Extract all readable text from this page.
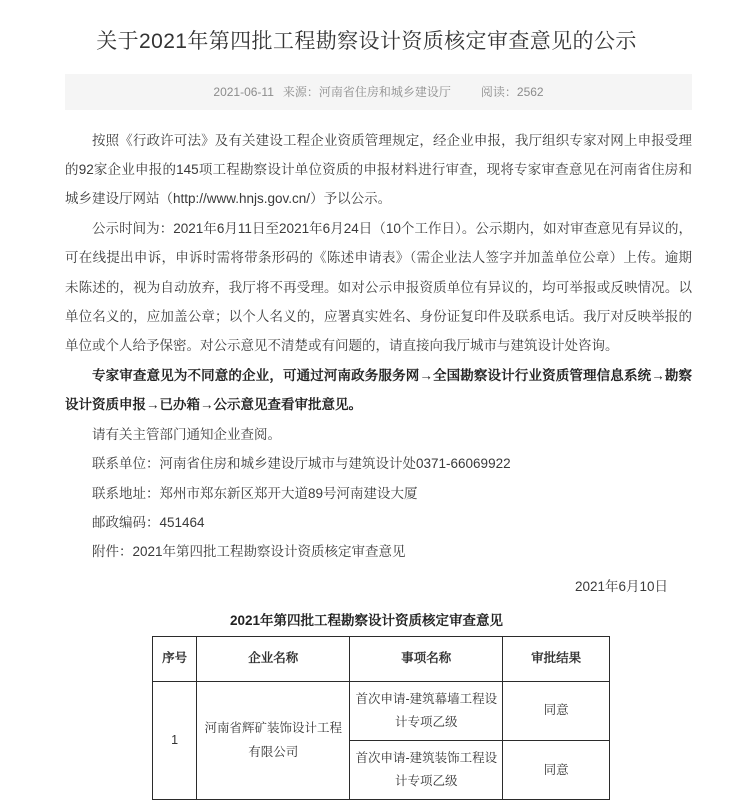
关于2021年第四批工程勘察设计资质核定审查意见的公示
2021-06-11 来源：河南省住房和城乡建设厅	阅读：2562

按照《行政许可法》及有关建设工程企业资质管理规定，经企业申报，我厅组织专家对网上申报受理的92家企业申报的145项工程勘察设计单位资质的申报材料进行审查，现将专家审查意见在河南省住房和城乡建设厅网站（http://www.hnjs.gov.cn/）予以公示。

公示时间为：2021年6月11日至2021年6月24日（10个工作日）。公示期内，如对审查意见有异议的，可在线提出申诉，申诉时需将带条形码的《陈述申请表》（需企业法人签字并加盖单位公章）上传。逾期未陈述的，视为自动放弃，我厅将不再受理。如对公示申报资质单位有异议的，均可举报或反映情况。以单位名义的，应加盖公章；以个人名义的，应署真实姓名、身份证复印件及联系电话。我厅对反映举报的单位或个人给予保密。对公示意见不清楚或有问题的，请直接向我厅城市与建筑设计处咨询。

专家审查意见为不同意的企业，可通过河南政务服务网→全国勘察设计行业资质管理信息系统→勘察设计资质申报→已办箱→公示意见查看审批意见。

请有关主管部门通知企业查阅。

联系单位：河南省住房和城乡建设厅城市与建筑设计处0371-66069922

联系地址：郑州市郑东新区郑开大道89号河南建设大厦

邮政编码：451464

附件：2021年第四批工程勘察设计资质核定审查意见

2021年6月10日
2021年第四批工程勘察设计资质核定审查意见
序号	企业名称	事项名称	审批结果
1	河南省辉矿装饰设计工程有限公司	首次申请-建筑幕墙工程设计专项乙级	同意
		首次申请-建筑装饰工程设计专项乙级	同意
